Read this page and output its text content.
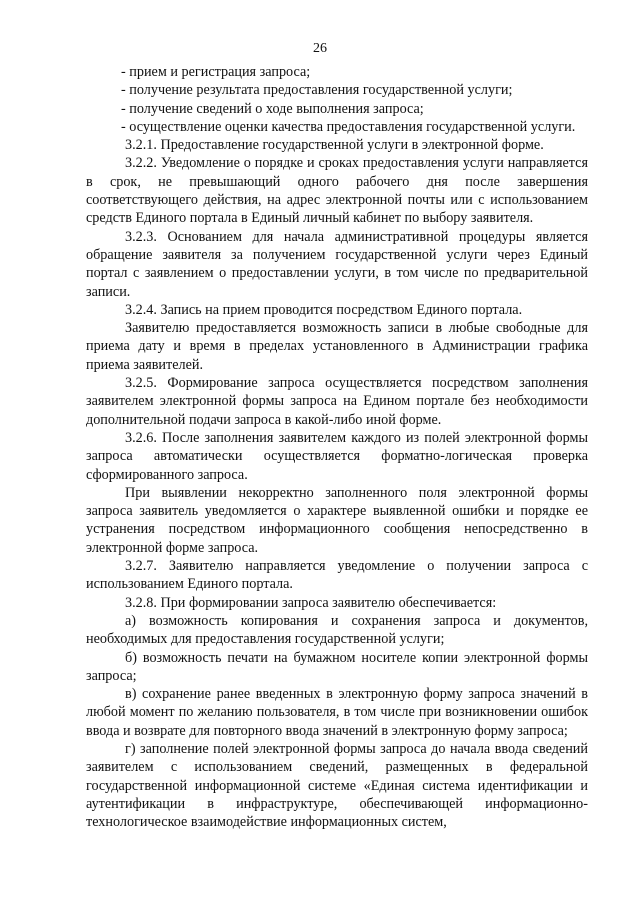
26

- прием и регистрация запроса;

- получение результата предоставления государственной услуги;

- получение сведений о ходе выполнения запроса;

- осуществление оценки качества предоставления государственной услуги.

3.2.1. Предоставление государственной услуги в электронной форме.

3.2.2. Уведомление о порядке и сроках предоставления услуги направляется в срок, не превышающий одного рабочего дня после завершения соответствующего действия, на адрес электронной почты или с использованием средств Единого портала в Единый личный кабинет по выбору заявителя.

3.2.3. Основанием для начала административной процедуры является обращение заявителя за получением государственной услуги через Единый портал с заявлением о предоставлении услуги, в том числе по предварительной записи.

3.2.4. Запись на прием проводится посредством Единого портала.

Заявителю предоставляется возможность записи в любые свободные для приема дату и время в пределах установленного в Администрации графика приема заявителей.

3.2.5. Формирование запроса осуществляется посредством заполнения заявителем электронной формы запроса на Едином портале без необходимости дополнительной подачи запроса в какой-либо иной форме.

3.2.6. После заполнения заявителем каждого из полей электронной формы запроса автоматически осуществляется форматно-логическая проверка сформированного запроса.

При выявлении некорректно заполненного поля электронной формы запроса заявитель уведомляется о характере выявленной ошибки и порядке ее устранения посредством информационного сообщения непосредственно в электронной форме запроса.

3.2.7. Заявителю направляется уведомление о получении запроса с использованием Единого портала.

3.2.8. При формировании запроса заявителю обеспечивается:

а) возможность копирования и сохранения запроса и документов, необходимых для предоставления государственной услуги;

б) возможность печати на бумажном носителе копии электронной формы запроса;

в) сохранение ранее введенных в электронную форму запроса значений в любой момент по желанию пользователя, в том числе при возникновении ошибок ввода и возврате для повторного ввода значений в электронную форму запроса;

г) заполнение полей электронной формы запроса до начала ввода сведений заявителем с использованием сведений, размещенных в федеральной государственной информационной системе «Единая система идентификации и аутентификации в инфраструктуре, обеспечивающей информационно-технологическое взаимодействие информационных систем,
